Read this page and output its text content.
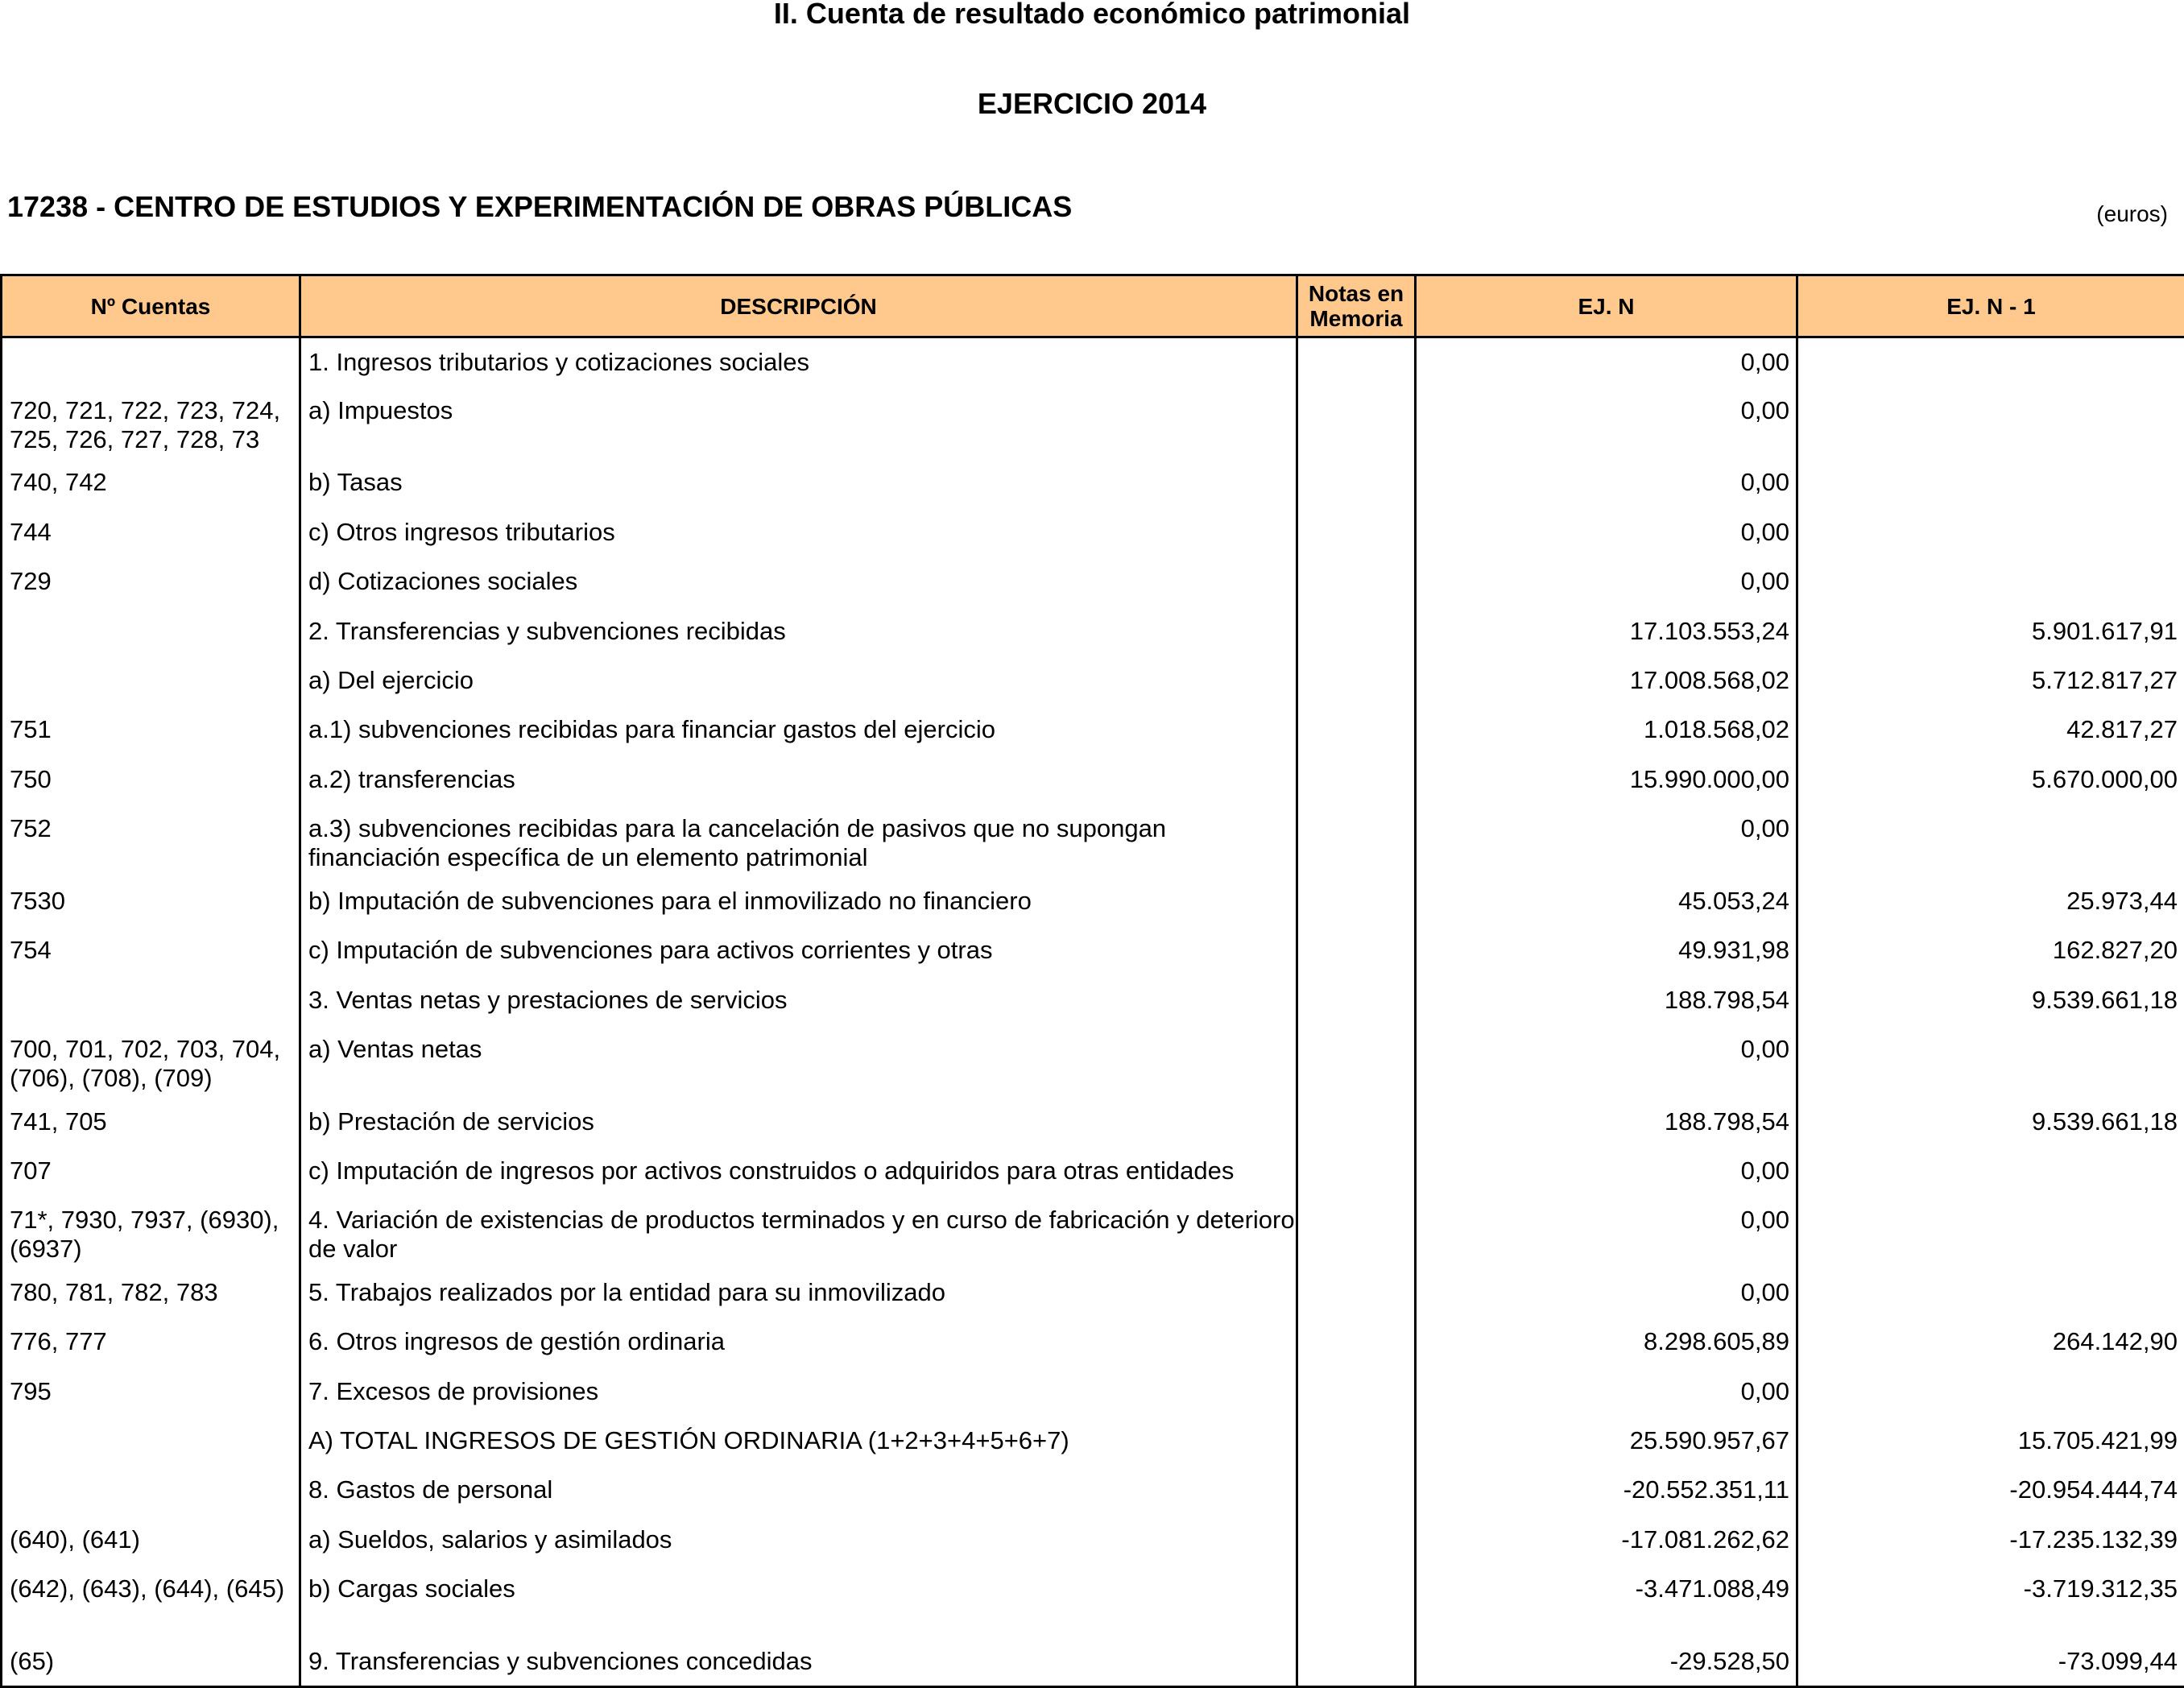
II. Cuenta de resultado económico patrimonial
EJERCICIO 2014
17238 - CENTRO DE ESTUDIOS Y EXPERIMENTACIÓN DE OBRAS PÚBLICAS	(euros)
Nº Cuentas	DESCRIPCIÓN	Notas en Memoria	EJ. N	EJ. N - 1
	1. Ingresos tributarios y cotizaciones sociales		0,00	
720, 721, 722, 723, 724, 725, 726, 727, 728, 73	a) Impuestos		0,00	
740, 742	b) Tasas		0,00	
744	c) Otros ingresos tributarios		0,00	
729	d) Cotizaciones sociales		0,00	
	2. Transferencias y subvenciones recibidas		17.103.553,24	5.901.617,91
	a) Del ejercicio		17.008.568,02	5.712.817,27
751	a.1) subvenciones recibidas para financiar gastos del ejercicio		1.018.568,02	42.817,27
750	a.2) transferencias		15.990.000,00	5.670.000,00
752	a.3) subvenciones recibidas para la cancelación de pasivos que no supongan financiación específica de un elemento patrimonial		0,00	
7530	b) Imputación de subvenciones para el inmovilizado no financiero		45.053,24	25.973,44
754	c) Imputación de subvenciones para activos corrientes y otras		49.931,98	162.827,20
	3. Ventas netas y prestaciones de servicios		188.798,54	9.539.661,18
700, 701, 702, 703, 704, (706), (708), (709)	a) Ventas netas		0,00	
741, 705	b) Prestación de servicios		188.798,54	9.539.661,18
707	c) Imputación de ingresos por activos construidos o adquiridos para otras entidades		0,00	
71*, 7930, 7937, (6930), (6937)	4. Variación de existencias de productos terminados y en curso de fabricación y deterioro de valor		0,00	
780, 781, 782, 783	5. Trabajos realizados por la entidad para su inmovilizado		0,00	
776, 777	6. Otros ingresos de gestión ordinaria		8.298.605,89	264.142,90
795	7. Excesos de provisiones		0,00	
	A) TOTAL INGRESOS DE GESTIÓN ORDINARIA (1+2+3+4+5+6+7)		25.590.957,67	15.705.421,99
	8. Gastos de personal		-20.552.351,11	-20.954.444,74
(640), (641)	a) Sueldos, salarios y asimilados		-17.081.262,62	-17.235.132,39
(642), (643), (644), (645)	b) Cargas sociales		-3.471.088,49	-3.719.312,35
(65)	9. Transferencias y subvenciones concedidas		-29.528,50	-73.099,44
